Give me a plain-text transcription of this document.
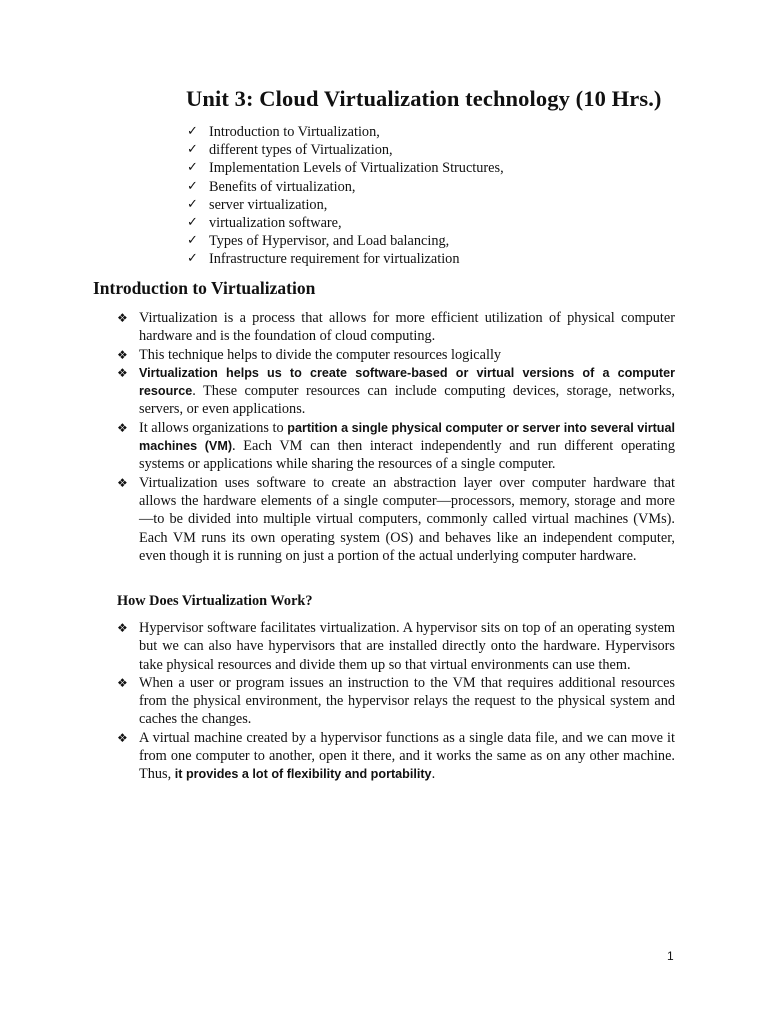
Unit 3: Cloud Virtualization technology (10 Hrs.)
✓ Introduction to Virtualization,
✓ different types of Virtualization,
✓ Implementation Levels of Virtualization Structures,
✓ Benefits of virtualization,
✓ server virtualization,
✓ virtualization software,
✓ Types of Hypervisor, and Load balancing,
✓ Infrastructure requirement for virtualization
Introduction to Virtualization
❖ Virtualization is a process that allows for more efficient utilization of physical computer hardware and is the foundation of cloud computing.
❖ This technique helps to divide the computer resources logically
❖ Virtualization helps us to create software-based or virtual versions of a computer resource. These computer resources can include computing devices, storage, networks, servers, or even applications.
❖ It allows organizations to partition a single physical computer or server into several virtual machines (VM). Each VM can then interact independently and run different operating systems or applications while sharing the resources of a single computer.
❖ Virtualization uses software to create an abstraction layer over computer hardware that allows the hardware elements of a single computer—processors, memory, storage and more—to be divided into multiple virtual computers, commonly called virtual machines (VMs). Each VM runs its own operating system (OS) and behaves like an independent computer, even though it is running on just a portion of the actual underlying computer hardware.
How Does Virtualization Work?
❖ Hypervisor software facilitates virtualization. A hypervisor sits on top of an operating system but we can also have hypervisors that are installed directly onto the hardware. Hypervisors take physical resources and divide them up so that virtual environments can use them.
❖ When a user or program issues an instruction to the VM that requires additional resources from the physical environment, the hypervisor relays the request to the physical system and caches the changes.
❖ A virtual machine created by a hypervisor functions as a single data file, and we can move it from one computer to another, open it there, and it works the same as on any other machine. Thus, it provides a lot of flexibility and portability.
1
